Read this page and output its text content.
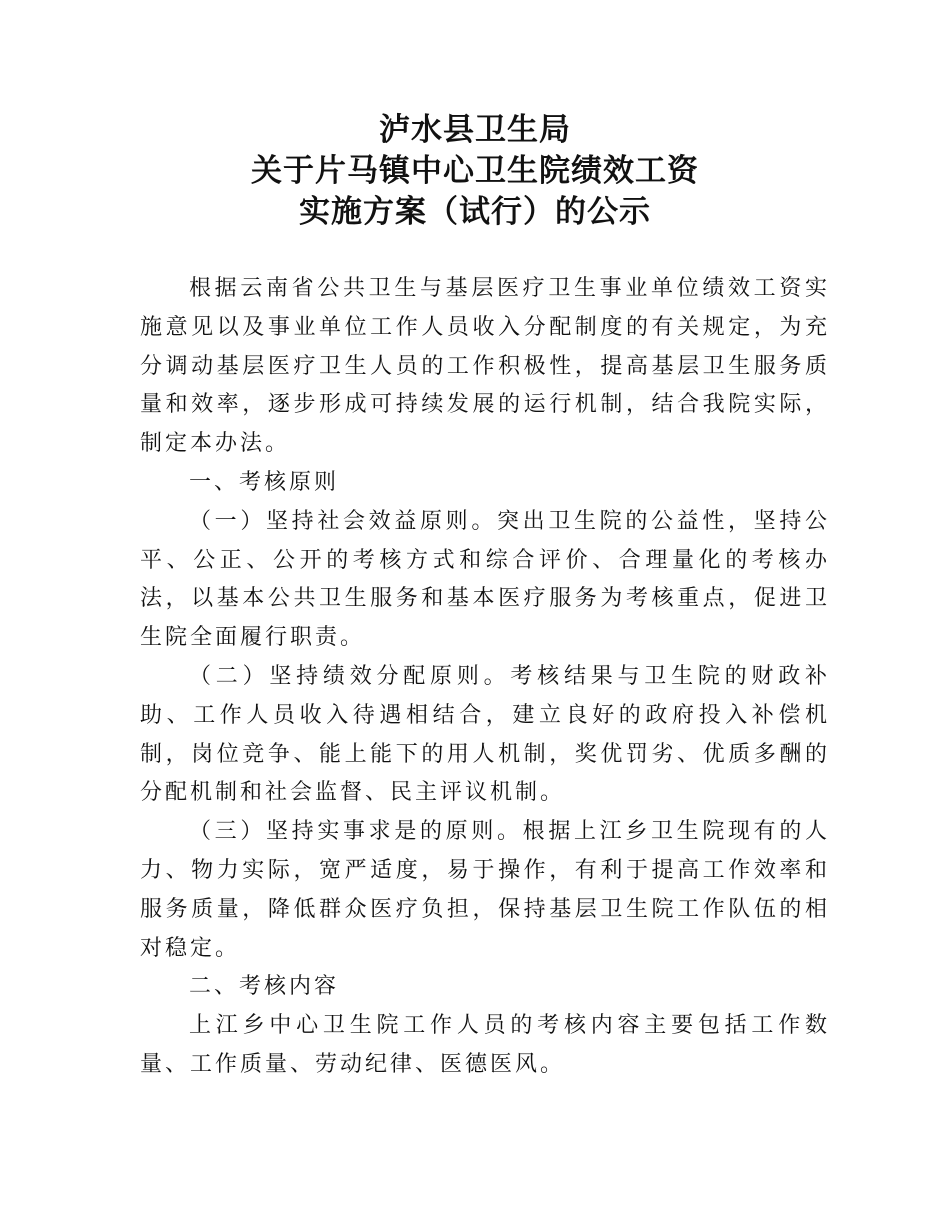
泸水县卫生局
关于片马镇中心卫生院绩效工资
实施方案（试行）的公示

根据云南省公共卫生与基层医疗卫生事业单位绩效工资实施意见以及事业单位工作人员收入分配制度的有关规定，为充分调动基层医疗卫生人员的工作积极性，提高基层卫生服务质量和效率，逐步形成可持续发展的运行机制，结合我院实际，制定本办法。

一、考核原则

（一）坚持社会效益原则。突出卫生院的公益性，坚持公平、公正、公开的考核方式和综合评价、合理量化的考核办法，以基本公共卫生服务和基本医疗服务为考核重点，促进卫生院全面履行职责。

（二）坚持绩效分配原则。考核结果与卫生院的财政补助、工作人员收入待遇相结合，建立良好的政府投入补偿机制，岗位竞争、能上能下的用人机制，奖优罚劣、优质多酬的分配机制和社会监督、民主评议机制。

（三）坚持实事求是的原则。根据上江乡卫生院现有的人力、物力实际，宽严适度，易于操作，有利于提高工作效率和服务质量，降低群众医疗负担，保持基层卫生院工作队伍的相对稳定。

二、考核内容

上江乡中心卫生院工作人员的考核内容主要包括工作数量、工作质量、劳动纪律、医德医风。
